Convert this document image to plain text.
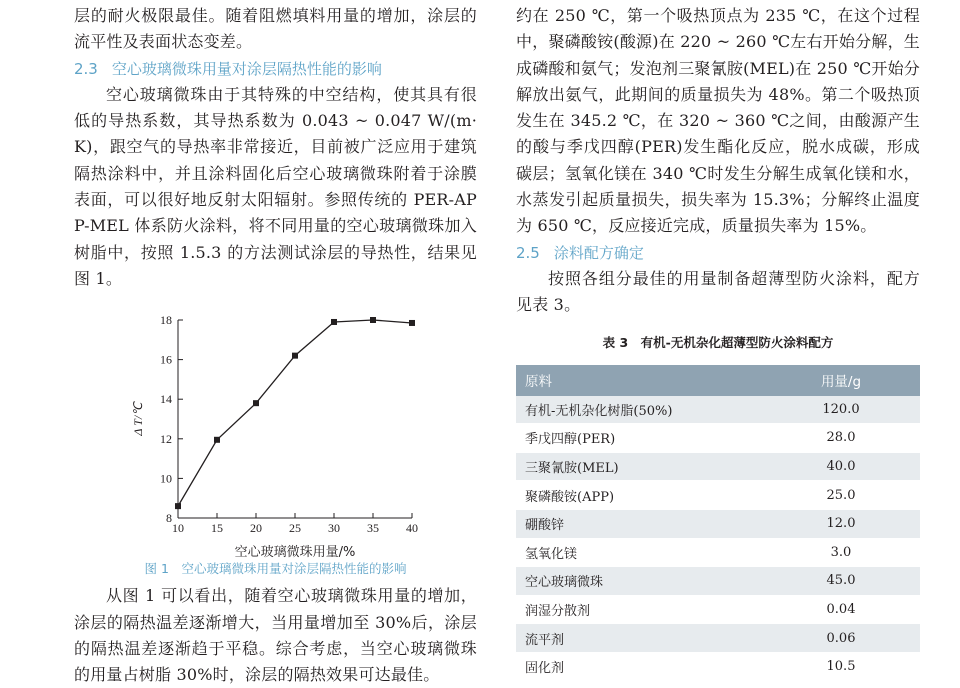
层的耐火极限最佳。随着阻燃填料用量的增加，涂层的流平性及表面状态变差。

2.3 空心玻璃微珠用量对涂层隔热性能的影响

空心玻璃微珠由于其特殊的中空结构，使其具有很低的导热系数，其导热系数为 0.043 ~ 0.047 W/(m·K)，跟空气的导热率非常接近，目前被广泛应用于建筑隔热涂料中，并且涂料固化后空心玻璃微珠附着于涂膜表面，可以很好地反射太阳辐射。参照传统的 PER-APP-MEL 体系防火涂料，将不同用量的空心玻璃微珠加入树脂中，按照 1.5.3 的方法测试涂层的导热性，结果见图 1。

8
10
12
14
16
18
10 15 20 25 30 35 40
空心玻璃微珠用量/%
Δ T/℃

图 1　空心玻璃微珠用量对涂层隔热性能的影响

从图 1 可以看出，随着空心玻璃微珠用量的增加，涂层的隔热温差逐渐增大，当用量增加至 30%后，涂层的隔热温差逐渐趋于平稳。综合考虑，当空心玻璃微珠的用量占树脂 30%时，涂层的隔热效果可达最佳。

约在 250 ℃，第一个吸热顶点为 235 ℃，在这个过程中，聚磷酸铵(酸源)在 220 ~ 260 ℃左右开始分解，生成磷酸和氨气；发泡剂三聚氰胺(MEL)在 250 ℃开始分解放出氨气，此期间的质量损失为 48%。第二个吸热顶发生在 345.2 ℃，在 320 ~ 360 ℃之间，由酸源产生的酸与季戊四醇(PER)发生酯化反应，脱水成碳，形成碳层；氢氧化镁在 340 ℃时发生分解生成氧化镁和水，水蒸发引起质量损失，损失率为 15.3%；分解终止温度为 650 ℃，反应接近完成，质量损失率为 15%。

2.5 涂料配方确定

按照各组分最佳的用量制备超薄型防火涂料，配方见表 3。

表 3　有机-无机杂化超薄型防火涂料配方

原料	用量/g
有机-无机杂化树脂(50%)	120.0
季戊四醇(PER)	28.0
三聚氰胺(MEL)	40.0
聚磷酸铵(APP)	25.0
硼酸锌	12.0
氢氧化镁	3.0
空心玻璃微珠	45.0
润湿分散剂	0.04
流平剂	0.06
固化剂	10.5
